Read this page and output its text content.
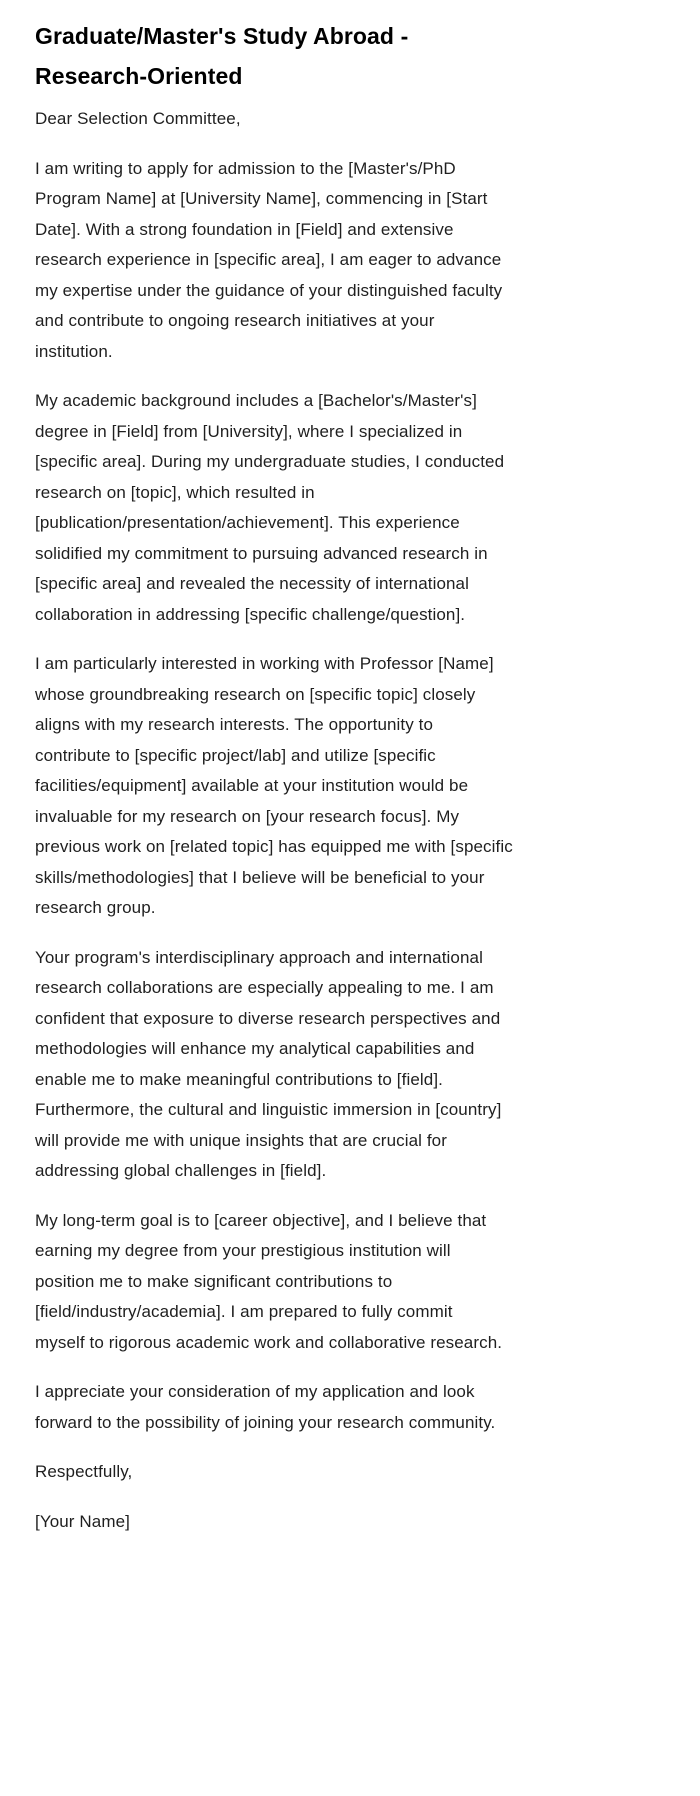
Graduate/Master's Study Abroad -
Research-Oriented

Dear Selection Committee,

I am writing to apply for admission to the [Master's/PhD
Program Name] at [University Name], commencing in [Start
Date]. With a strong foundation in [Field] and extensive
research experience in [specific area], I am eager to advance
my expertise under the guidance of your distinguished faculty
and contribute to ongoing research initiatives at your
institution.

My academic background includes a [Bachelor's/Master's]
degree in [Field] from [University], where I specialized in
[specific area]. During my undergraduate studies, I conducted
research on [topic], which resulted in
[publication/presentation/achievement]. This experience
solidified my commitment to pursuing advanced research in
[specific area] and revealed the necessity of international
collaboration in addressing [specific challenge/question].

I am particularly interested in working with Professor [Name]
whose groundbreaking research on [specific topic] closely
aligns with my research interests. The opportunity to
contribute to [specific project/lab] and utilize [specific
facilities/equipment] available at your institution would be
invaluable for my research on [your research focus]. My
previous work on [related topic] has equipped me with [specific
skills/methodologies] that I believe will be beneficial to your
research group.

Your program's interdisciplinary approach and international
research collaborations are especially appealing to me. I am
confident that exposure to diverse research perspectives and
methodologies will enhance my analytical capabilities and
enable me to make meaningful contributions to [field].
Furthermore, the cultural and linguistic immersion in [country]
will provide me with unique insights that are crucial for
addressing global challenges in [field].

My long-term goal is to [career objective], and I believe that
earning my degree from your prestigious institution will
position me to make significant contributions to
[field/industry/academia]. I am prepared to fully commit
myself to rigorous academic work and collaborative research.

I appreciate your consideration of my application and look
forward to the possibility of joining your research community.

Respectfully,

[Your Name]
